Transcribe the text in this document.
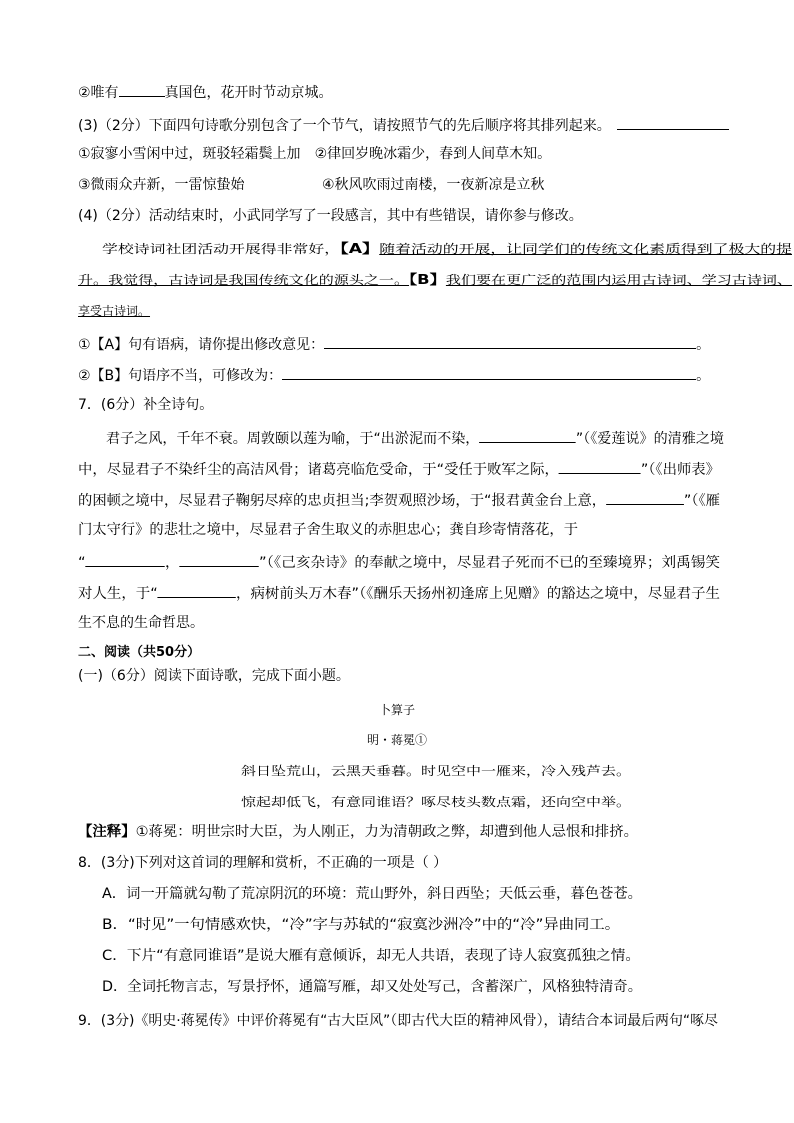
②唯有	真国色，花开时节动京城。
(3)（2分）下面四句诗歌分别包含了一个节气，请按照节气的先后顺序将其排列起来。
①寂寥小雪闲中过，斑驳轻霜鬓上加 ②律回岁晚冰霜少，春到人间草木知。
③微雨众卉新，一雷惊蛰始	④秋风吹雨过南楼，一夜新凉是立秋
(4)（2分）活动结束时，小武同学写了一段感言，其中有些错误，请你参与修改。
学校诗词社团活动开展得非常好，【A】随着活动的开展，让同学们的传统文化素质得到了极大的提
升。我觉得，古诗词是我国传统文化的源头之一。【B】我们要在更广泛的范围内运用古诗词、学习古诗词、
享受古诗词。
①【A】句有语病，请你提出修改意见：	。
②【B】句语序不当，可修改为：	。
7．(6分）补全诗句。
君子之风，千年不衰。周敦颐以莲为喻，于“出淤泥而不染，	”（《爱莲说》的清雅之境
中，尽显君子不染纤尘的高洁风骨；诸葛亮临危受命，于“受任于败军之际，	”（《出师表》
的困顿之境中，尽显君子鞠躬尽瘁的忠贞担当;李贺观照沙场，于“报君黄金台上意，	”（《雁
门太守行》的悲壮之境中，尽显君子舍生取义的赤胆忠心；龚自珍寄情落花，于
“	，	”（《己亥杂诗》的奉献之境中，尽显君子死而不已的至臻境界；刘禹锡笑
对人生，于“	，病树前头万木春”（《酬乐天扬州初逢席上见赠》的豁达之境中，尽显君子生
生不息的生命哲思。
二、阅读（共50分）
(一)（6分）阅读下面诗歌，完成下面小题。
卜算子
明・蒋冕①
斜日坠荒山，云黑天垂暮。时见空中一雁来，冷入残芦去。
惊起却低飞，有意同谁语？啄尽枝头数点霜，还向空中举。
【注释】①蒋冕：明世宗时大臣，为人刚正，力为清朝政之弊，却遭到他人忌恨和排挤。
8．(3分)下列对这首词的理解和赏析，不正确的一项是（ ）
A．词一开篇就勾勒了荒凉阴沉的环境：荒山野外，斜日西坠；天低云垂，暮色苍苍。
B．“时见”一句情感欢快，“冷”字与苏轼的“寂寞沙洲冷”中的“冷”异曲同工。
C．下片“有意同谁语”是说大雁有意倾诉，却无人共语，表现了诗人寂寞孤独之情。
D．全词托物言志，写景抒怀，通篇写雁，却又处处写己，含蓄深广，风格独特清奇。
9．(3分)《明史·蒋冕传》中评价蒋冕有“古大臣风”（即古代大臣的精神风骨），请结合本词最后两句“啄尽
